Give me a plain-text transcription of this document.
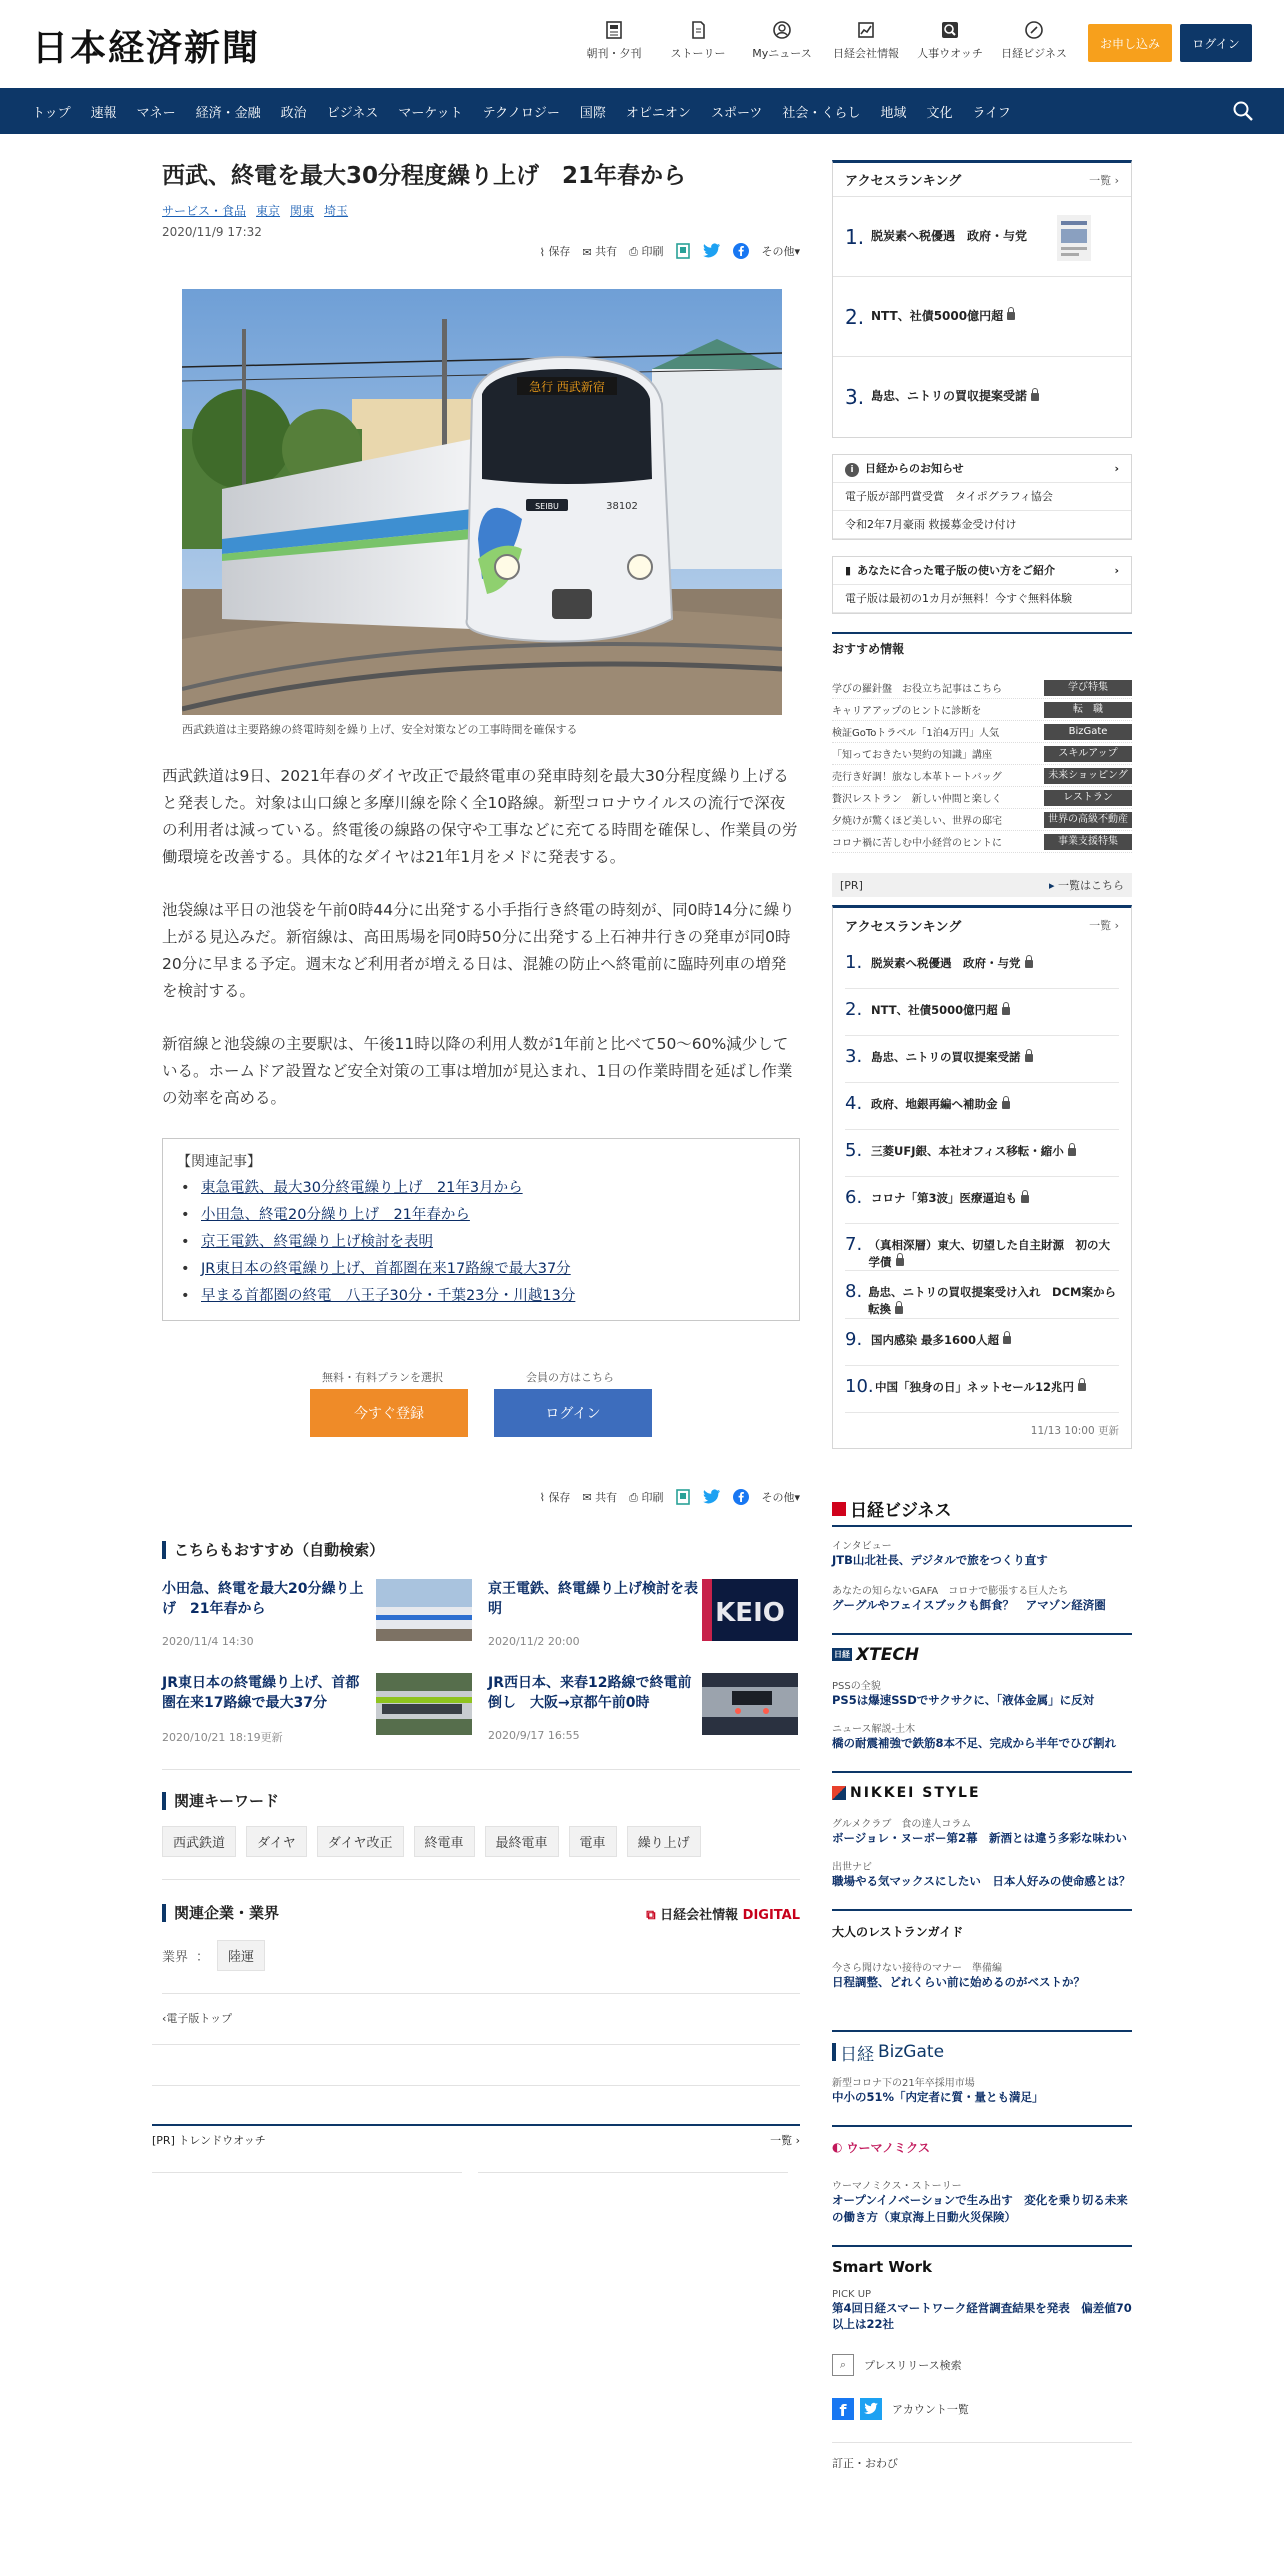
日本経済新聞	朝刊・夕刊	ストーリー	Myニュース	日経会社情報	人事ウオッチ	日経ビジネス
お申し込み	ログイン
トップ	速報	マネー	経済・金融	政治	ビジネス	マーケット	テクノロジー	国際	オピニオン	スポーツ	社会・くらし	地域	文化	ライフ
西武、終電を最大30分程度繰り上げ　21年春から
サービス・食品 東京 関東 埼玉
2020/11/9 17:32
⌇ 保存 ✉ 共有 ⎙ 印刷	その他▾
急行 西武新宿
SEIBU	38102
西武鉄道は主要路線の終電時刻を繰り上げ、安全対策などの工事時間を確保する

西武鉄道は9日、2021年春のダイヤ改正で最終電車の発車時刻を最大30分程度繰り上げると発表した。対象は山口線と多摩川線を除く全10路線。新型コロナウイルスの流行で深夜の利用者は減っている。終電後の線路の保守や工事などに充てる時間を確保し、作業員の労働環境を改善する。具体的なダイヤは21年1月をメドに発表する。

池袋線は平日の池袋を午前0時44分に出発する小手指行き終電の時刻が、同0時14分に繰り上がる見込みだ。新宿線は、高田馬場を同0時50分に出発する上石神井行きの発車が同0時20分に早まる予定。週末など利用者が増える日は、混雑の防止へ終電前に臨時列車の増発を検討する。

新宿線と池袋線の主要駅は、午後11時以降の利用人数が1年前と比べて50～60%減少している。ホームドア設置など安全対策の工事は増加が見込まれ、1日の作業時間を延ばし作業の効率を高める。

【関連記事】
• 東急電鉄、最大30分終電繰り上げ　21年3月から
• 小田急、終電20分繰り上げ　21年春から
• 京王電鉄、終電繰り上げ検討を表明
• JR東日本の終電繰り上げ、首都圏在来17路線で最大37分
• 早まる首都圏の終電　八王子30分・千葉23分・川越13分
無料・有料プランを選択	会員の方はこちら
今すぐ登録	ログイン
⌇ 保存 ✉ 共有 ⎙ 印刷	その他▾
こちらもおすすめ（自動検索）
小田急、終電を最大20分繰り上げ　21年春から
2020/11/4 14:30
京王電鉄、終電繰り上げ検討を表明
2020/11/2 20:00
KEIO
JR東日本の終電繰り上げ、首都圏在来17路線で最大37分
2020/10/21 18:19更新
JR西日本、来春12路線で終電前倒し　大阪→京都午前0時
2020/9/17 16:55
関連キーワード
西武鉄道	ダイヤ	ダイヤ改正	終電車	最終電車	電車	繰り上げ
関連企業・業界	⧉ 日経会社情報 DIGITAL
業界 ：	陸運
‹電子版トップ
[PR] トレンドウオッチ	一覧 ›
アクセスランキング	一覧 ›
1. 脱炭素へ税優遇　政府・与党
2. NTT、社債5000億円超
3. 島忠、ニトリの買収提案受諾
i 日経からのお知らせ	›
電子版が部門賞受賞　タイポグラフィ協会
令和2年7月豪雨 救援募金受け付け
▮ あなたに合った電子版の使い方をご紹介	›
電子版は最初の1カ月が無料！今すぐ無料体験
おすすめ情報
学びの羅針盤　お役立ち記事はこちら	学び特集
キャリアアップのヒントに診断を	転　職
検証GoToトラベル「1泊4万円」人気	BizGate
「知っておきたい契約の知識」講座	スキルアップ
売行き好調！旅なし本革トートバッグ	未来ショッピング
贅沢レストラン　新しい仲間と楽しく	レストラン
夕焼けが驚くほど美しい、世界の邸宅	世界の高級不動産
コロナ禍に苦しむ中小経営のヒントに	事業支援特集
[PR]	▸ 一覧はこちら
アクセスランキング	一覧 ›
1. 脱炭素へ税優遇　政府・与党
2. NTT、社債5000億円超
3. 島忠、ニトリの買収提案受諾
4. 政府、地銀再編へ補助金
5. 三菱UFJ銀、本社オフィス移転・縮小
6. コロナ「第3波」医療逼迫も
7. （真相深層）東大、切望した自主財源　初の大学債
8. 島忠、ニトリの買収提案受け入れ　DCM案から転換
9. 国内感染 最多1600人超
10. 中国「独身の日」ネットセール12兆円
11/13 10:00 更新
日経ビジネス
インタビュー
JTB山北社長、デジタルで旅をつくり直す
あなたの知らないGAFA　コロナで膨張する巨人たち
グーグルやフェイスブックも餌食？　アマゾン経済圏
日経 XTECH
PSSの全貌
PS5は爆速SSDでサクサクに、「液体金属」に反対
ニュース解説-土木
橋の耐震補強で鉄筋8本不足、完成から半年でひび割れ
NIKKEI STYLE
グルメクラブ　食の達人コラム
ボージョレ・ヌーボー第2幕　新酒とは違う多彩な味わい
出世ナビ
職場やる気マックスにしたい　日本人好みの使命感とは？
大人のレストランガイド
今さら聞けない接待のマナー　準備編
日程調整、どれくらい前に始めるのがベストか？
日経 BizGate
新型コロナ下の21年卒採用市場
中小の51%「内定者に質・量とも満足」
◐ ウーマノミクス
ウーマノミクス・ストーリー
オープンイノベーションで生み出す　変化を乗り切る未来の働き方（東京海上日動火災保険）
Smart Work
PICK UP
第4回日経スマートワーク経営調査結果を発表　偏差値70以上は22社
⌕	プレスリリース検索
f	アカウント一覧
訂正・おわび
